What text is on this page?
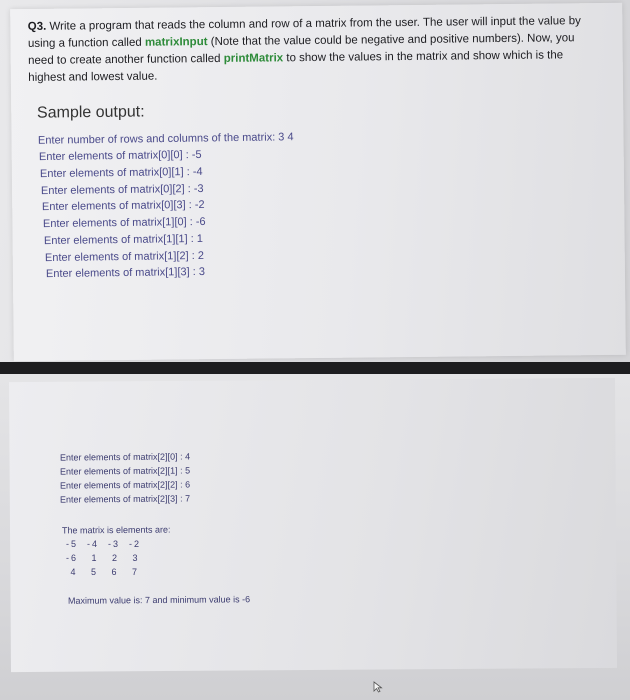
Q3. Write a program that reads the column and row of a matrix from the user. The user will input the value by using a function called matrixInput (Note that the value could be negative and positive numbers). Now, you need to create another function called printMatrix to show the values in the matrix and show which is the highest and lowest value.
Sample output:
Enter number of rows and columns of the matrix: 3 4
Enter elements of matrix[0][0] : -5
Enter elements of matrix[0][1] : -4
Enter elements of matrix[0][2] : -3
Enter elements of matrix[0][3] : -2
Enter elements of matrix[1][0] : -6
Enter elements of matrix[1][1] : 1
Enter elements of matrix[1][2] : 2
Enter elements of matrix[1][3] : 3
Enter elements of matrix[2][0] : 4
Enter elements of matrix[2][1] : 5
Enter elements of matrix[2][2] : 6
Enter elements of matrix[2][3] : 7
The matrix is elements are:
-5  -4  -3  -2
-6   1   2   3
4   5   6   7
Maximum value is: 7 and minimum value is -6
